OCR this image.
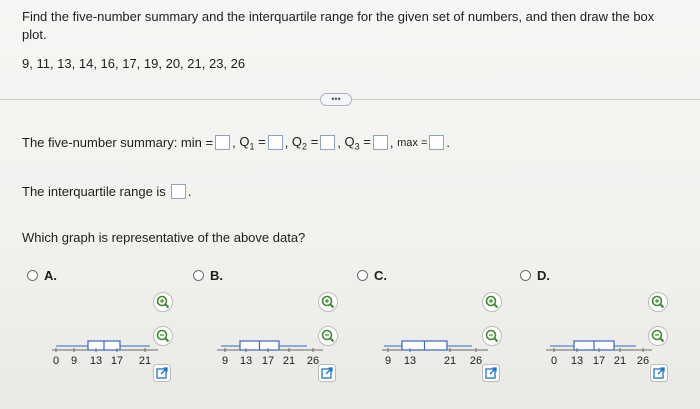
Find the five-number summary and the interquartile range for the given set of numbers, and then draw the box plot.
9, 11, 13, 14, 16, 17, 19, 20, 21, 23, 26
•••
The five-number summary: min = , $Q_1$ = , $Q_2$ = , $Q_3$ = , max = .
The interquartile range is .
Which graph is representative of the above data?
A.	B.	C.	D.
0 9 13 17 21	9 13 17 21 26	9 13	21 26	0 13 17 21 26
